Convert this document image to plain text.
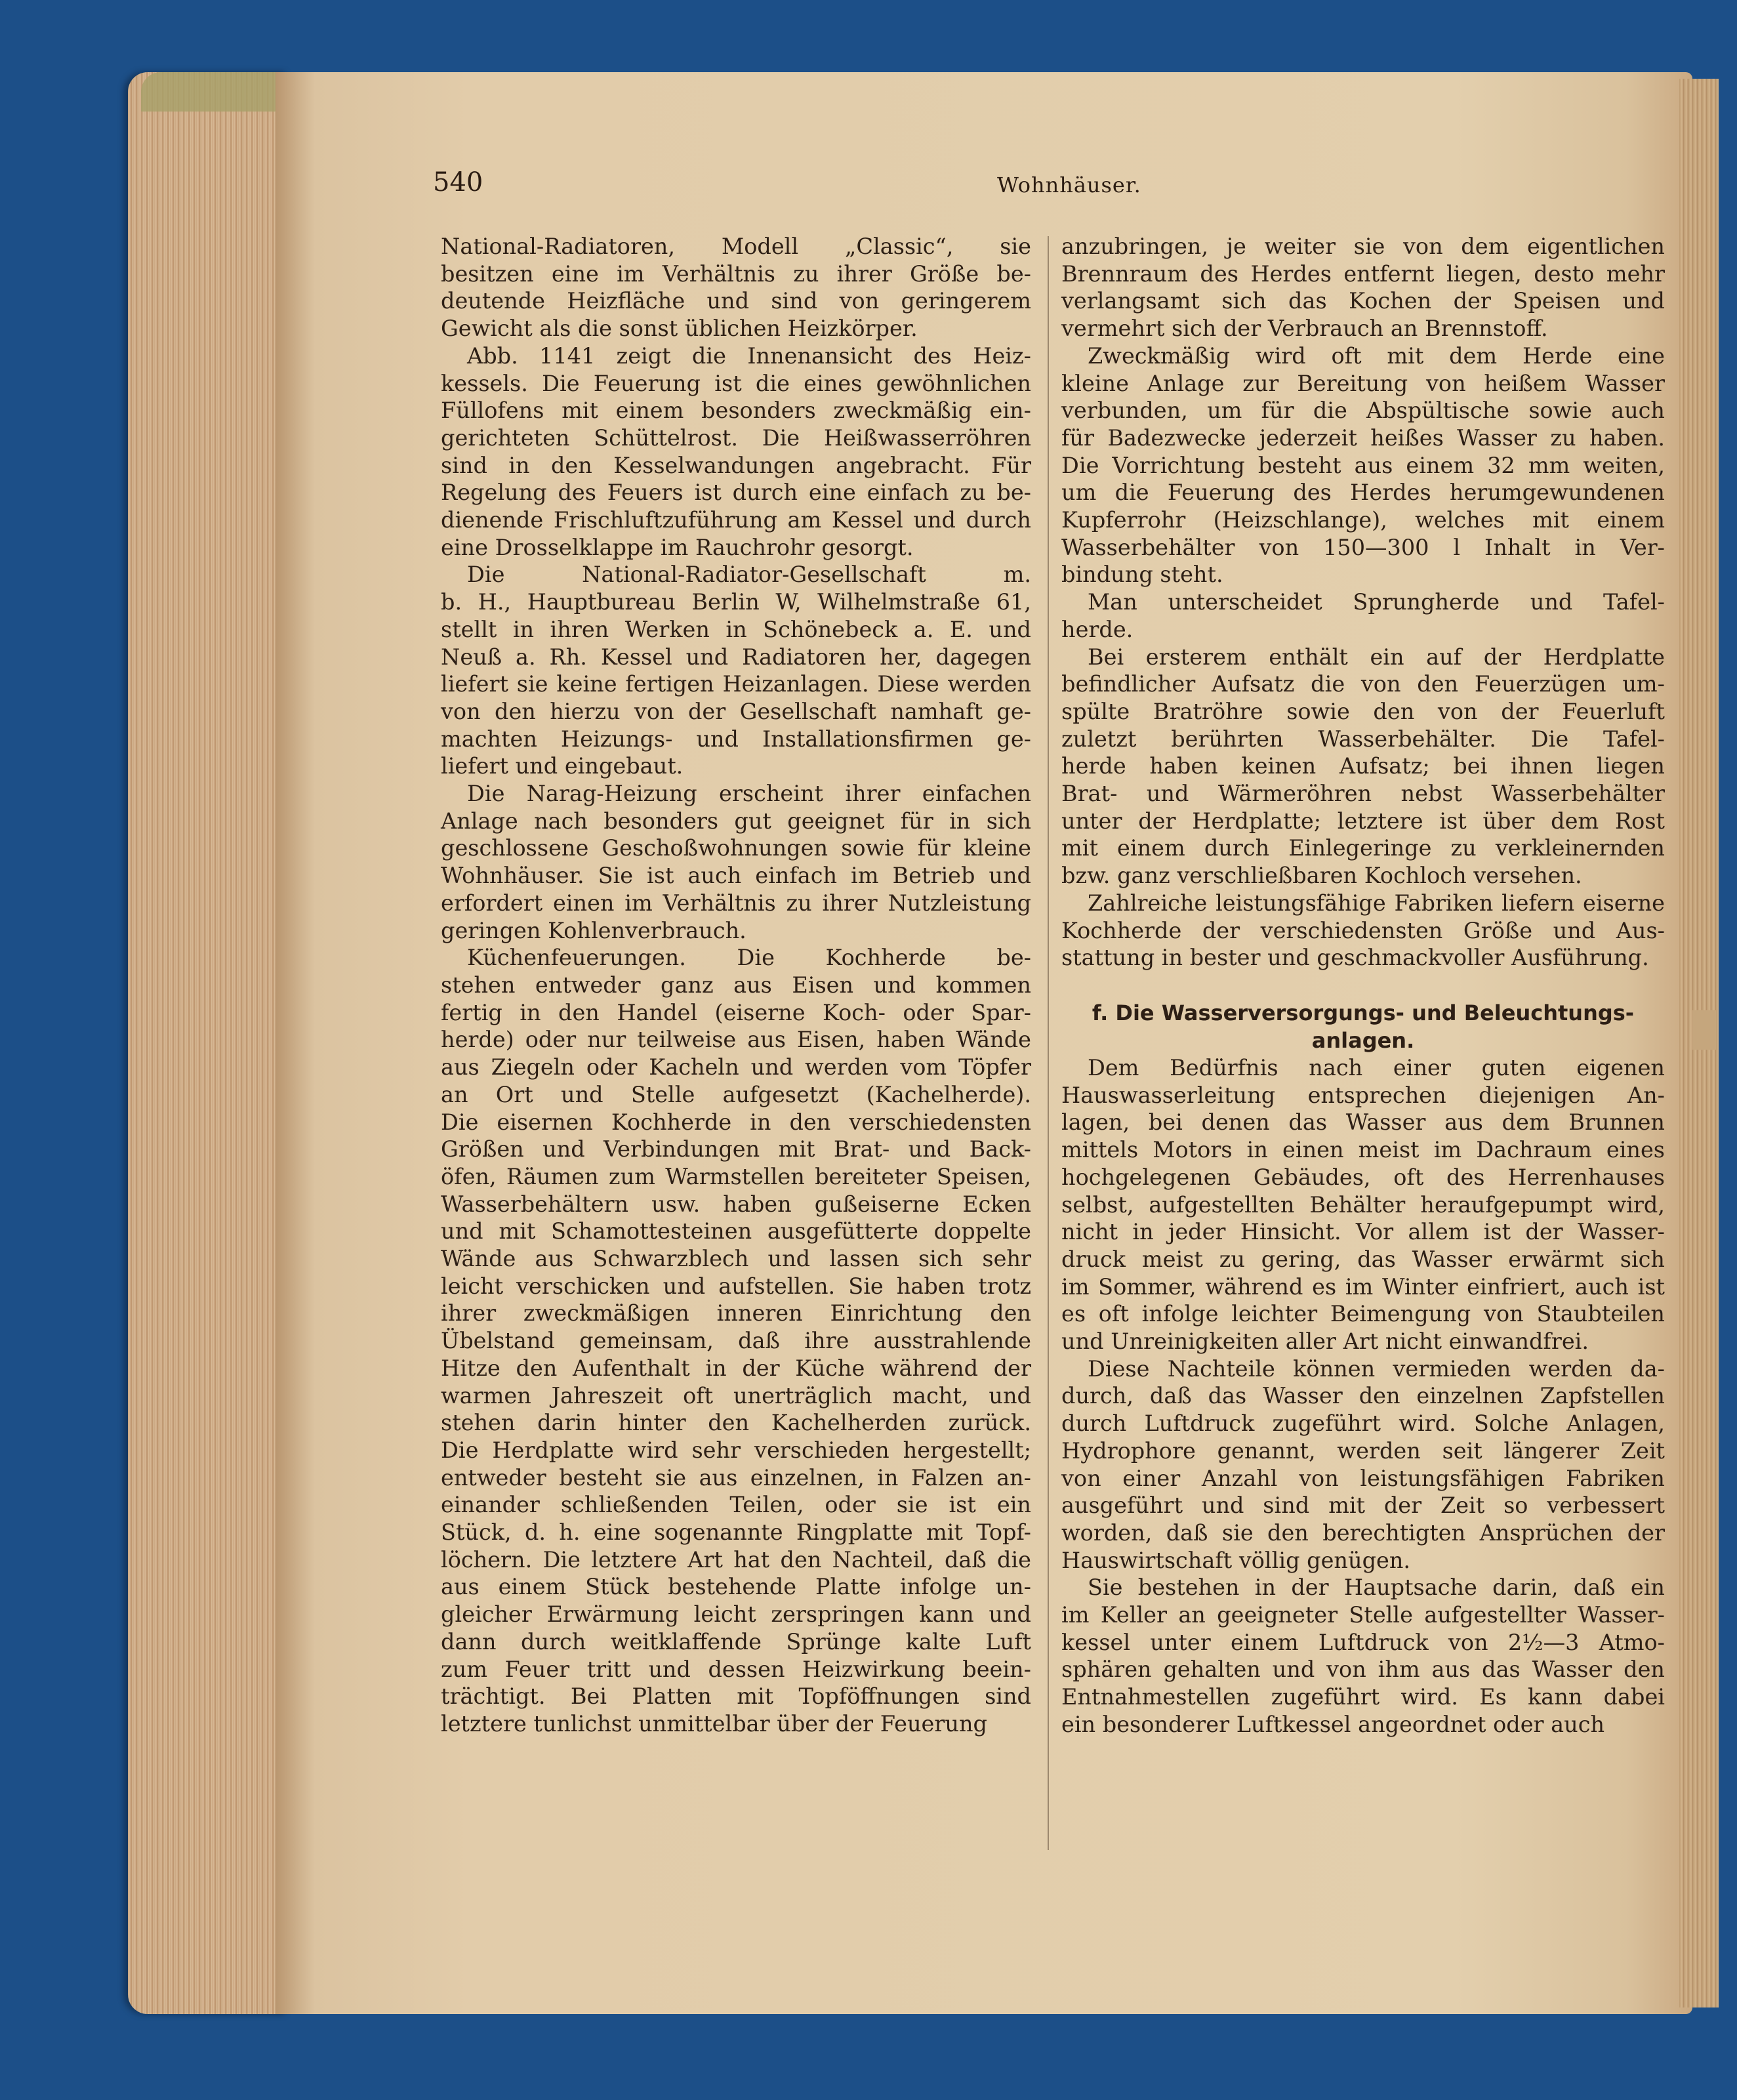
540	Wohnhäuser.
National-Radiatoren, Modell „Classic“, sie
besitzen eine im Verhältnis zu ihrer Größe be-
deutende Heizfläche und sind von geringerem
Gewicht als die sonst üblichen Heizkörper.
Abb. 1141 zeigt die Innenansicht des Heiz-
kessels. Die Feuerung ist die eines gewöhnlichen
Füllofens mit einem besonders zweckmäßig ein-
gerichteten Schüttelrost. Die Heißwasserröhren
sind in den Kesselwandungen angebracht. Für
Regelung des Feuers ist durch eine einfach zu be-
dienende Frischluftzuführung am Kessel und durch
eine Drosselklappe im Rauchrohr gesorgt.
Die National-Radiator-Gesellschaft m.
b. H., Hauptbureau Berlin W, Wilhelmstraße 61,
stellt in ihren Werken in Schönebeck a. E. und
Neuß a. Rh. Kessel und Radiatoren her, dagegen
liefert sie keine fertigen Heizanlagen. Diese werden
von den hierzu von der Gesellschaft namhaft ge-
machten Heizungs- und Installationsfirmen ge-
liefert und eingebaut.
Die Narag-Heizung erscheint ihrer einfachen
Anlage nach besonders gut geeignet für in sich
geschlossene Geschoßwohnungen sowie für kleine
Wohnhäuser. Sie ist auch einfach im Betrieb und
erfordert einen im Verhältnis zu ihrer Nutzleistung
geringen Kohlenverbrauch.
Küchenfeuerungen. Die Kochherde be-
stehen entweder ganz aus Eisen und kommen
fertig in den Handel (eiserne Koch- oder Spar-
herde) oder nur teilweise aus Eisen, haben Wände
aus Ziegeln oder Kacheln und werden vom Töpfer
an Ort und Stelle aufgesetzt (Kachelherde).
Die eisernen Kochherde in den verschiedensten
Größen und Verbindungen mit Brat- und Back-
öfen, Räumen zum Warmstellen bereiteter Speisen,
Wasserbehältern usw. haben gußeiserne Ecken
und mit Schamottesteinen ausgefütterte doppelte
Wände aus Schwarzblech und lassen sich sehr
leicht verschicken und aufstellen. Sie haben trotz
ihrer zweckmäßigen inneren Einrichtung den
Übelstand gemeinsam, daß ihre ausstrahlende
Hitze den Aufenthalt in der Küche während der
warmen Jahreszeit oft unerträglich macht, und
stehen darin hinter den Kachelherden zurück.
Die Herdplatte wird sehr verschieden hergestellt;
entweder besteht sie aus einzelnen, in Falzen an-
einander schließenden Teilen, oder sie ist ein
Stück, d. h. eine sogenannte Ringplatte mit Topf-
löchern. Die letztere Art hat den Nachteil, daß die
aus einem Stück bestehende Platte infolge un-
gleicher Erwärmung leicht zerspringen kann und
dann durch weitklaffende Sprünge kalte Luft
zum Feuer tritt und dessen Heizwirkung beein-
trächtigt. Bei Platten mit Topföffnungen sind
letztere tunlichst unmittelbar über der Feuerung
anzubringen, je weiter sie von dem eigentlichen
Brennraum des Herdes entfernt liegen, desto mehr
verlangsamt sich das Kochen der Speisen und
vermehrt sich der Verbrauch an Brennstoff.
Zweckmäßig wird oft mit dem Herde eine
kleine Anlage zur Bereitung von heißem Wasser
verbunden, um für die Abspültische sowie auch
für Badezwecke jederzeit heißes Wasser zu haben.
Die Vorrichtung besteht aus einem 32 mm weiten,
um die Feuerung des Herdes herumgewundenen
Kupferrohr (Heizschlange), welches mit einem
Wasserbehälter von 150—300 l Inhalt in Ver-
bindung steht.
Man unterscheidet Sprungherde und Tafel-
herde.
Bei ersterem enthält ein auf der Herdplatte
befindlicher Aufsatz die von den Feuerzügen um-
spülte Bratröhre sowie den von der Feuerluft
zuletzt berührten Wasserbehälter. Die Tafel-
herde haben keinen Aufsatz; bei ihnen liegen
Brat- und Wärmeröhren nebst Wasserbehälter
unter der Herdplatte; letztere ist über dem Rost
mit einem durch Einlegeringe zu verkleinernden
bzw. ganz verschließbaren Kochloch versehen.
Zahlreiche leistungsfähige Fabriken liefern eiserne
Kochherde der verschiedensten Größe und Aus-
stattung in bester und geschmackvoller Ausführung.
f. Die Wasserversorgungs- und Beleuchtungs-
anlagen.
Dem Bedürfnis nach einer guten eigenen
Hauswasserleitung entsprechen diejenigen An-
lagen, bei denen das Wasser aus dem Brunnen
mittels Motors in einen meist im Dachraum eines
hochgelegenen Gebäudes, oft des Herrenhauses
selbst, aufgestellten Behälter heraufgepumpt wird,
nicht in jeder Hinsicht. Vor allem ist der Wasser-
druck meist zu gering, das Wasser erwärmt sich
im Sommer, während es im Winter einfriert, auch ist
es oft infolge leichter Beimengung von Staubteilen
und Unreinigkeiten aller Art nicht einwandfrei.
Diese Nachteile können vermieden werden da-
durch, daß das Wasser den einzelnen Zapfstellen
durch Luftdruck zugeführt wird. Solche Anlagen,
Hydrophore genannt, werden seit längerer Zeit
von einer Anzahl von leistungsfähigen Fabriken
ausgeführt und sind mit der Zeit so verbessert
worden, daß sie den berechtigten Ansprüchen der
Hauswirtschaft völlig genügen.
Sie bestehen in der Hauptsache darin, daß ein
im Keller an geeigneter Stelle aufgestellter Wasser-
kessel unter einem Luftdruck von 2½—3 Atmo-
sphären gehalten und von ihm aus das Wasser den
Entnahmestellen zugeführt wird. Es kann dabei
ein besonderer Luftkessel angeordnet oder auch
